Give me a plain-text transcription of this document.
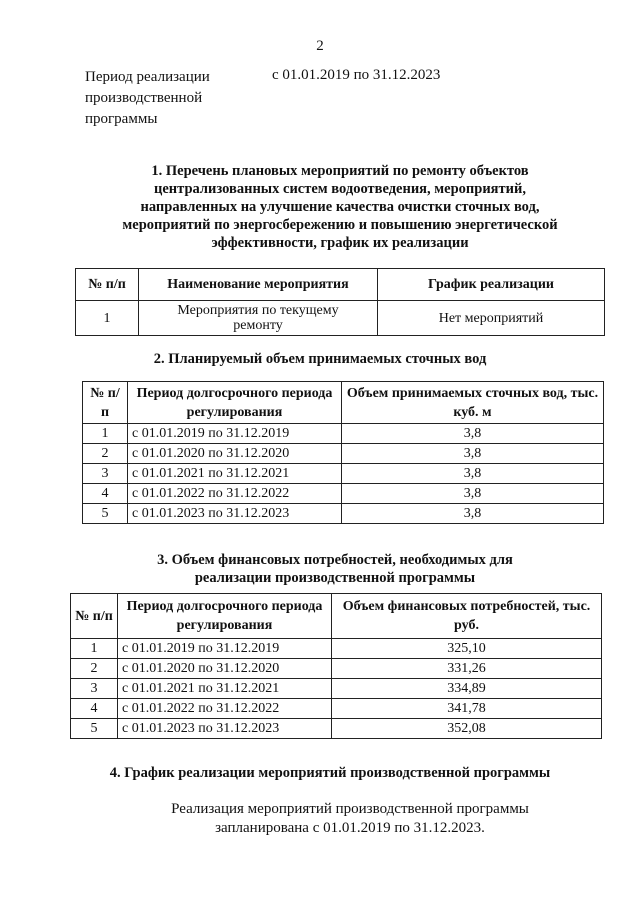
2
Период реализации
производственной
программы
с 01.01.2019 по 31.12.2023
1. Перечень плановых мероприятий по ремонту объектов
централизованных систем водоотведения, мероприятий,
направленных на улучшение качества очистки сточных вод,
мероприятий по энергосбережению и повышению энергетической
эффективности, график их реализации
№ п/п	Наименование мероприятия	График реализации
1	Мероприятия по текущему ремонту	Нет мероприятий
2. Планируемый объем принимаемых сточных вод
№ п/п	Период долгосрочного периода регулирования	Объем принимаемых сточных вод, тыс. куб. м
1	с 01.01.2019 по 31.12.2019	3,8
2	с 01.01.2020 по 31.12.2020	3,8
3	с 01.01.2021 по 31.12.2021	3,8
4	с 01.01.2022 по 31.12.2022	3,8
5	с 01.01.2023 по 31.12.2023	3,8
3. Объем финансовых потребностей, необходимых для
реализации производственной программы
№ п/п	Период долгосрочного периода регулирования	Объем финансовых потребностей, тыс. руб.
1	с 01.01.2019 по 31.12.2019	325,10
2	с 01.01.2020 по 31.12.2020	331,26
3	с 01.01.2021 по 31.12.2021	334,89
4	с 01.01.2022 по 31.12.2022	341,78
5	с 01.01.2023 по 31.12.2023	352,08
4. График реализации мероприятий производственной программы
Реализация мероприятий производственной программы
запланирована с 01.01.2019 по 31.12.2023.
